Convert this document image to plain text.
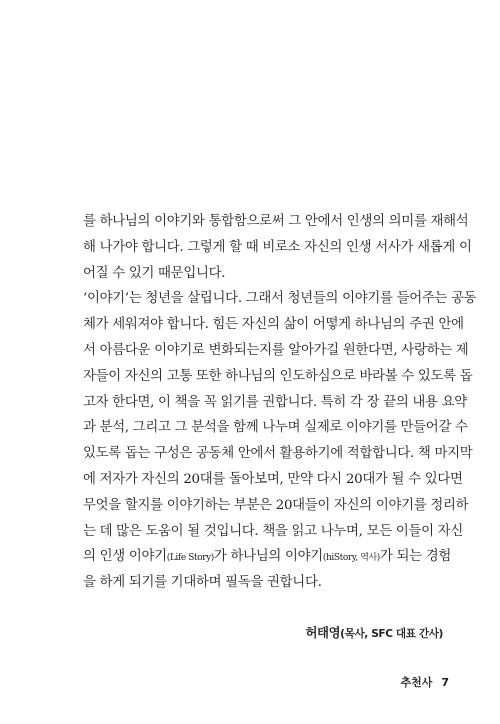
를 하나님의 이야기와 통합함으로써 그 안에서 인생의 의미를 재해석
해 나가야 합니다. 그렇게 할 때 비로소 자신의 인생 서사가 새롭게 이
어질 수 있기 때문입니다.
‘이야기’는 청년을 살립니다. 그래서 청년들의 이야기를 들어주는 공동
체가 세워져야 합니다. 힘든 자신의 삶이 어떻게 하나님의 주권 안에
서 아름다운 이야기로 변화되는지를 알아가길 원한다면, 사랑하는 제
자들이 자신의 고통 또한 하나님의 인도하심으로 바라볼 수 있도록 돕
고자 한다면, 이 책을 꼭 읽기를 권합니다. 특히 각 장 끝의 내용 요약
과 분석, 그리고 그 분석을 함께 나누며 실제로 이야기를 만들어갈 수
있도록 돕는 구성은 공동체 안에서 활용하기에 적합합니다. 책 마지막
에 저자가 자신의 20대를 돌아보며, 만약 다시 20대가 될 수 있다면
무엇을 할지를 이야기하는 부분은 20대들이 자신의 이야기를 정리하
는 데 많은 도움이 될 것입니다. 책을 읽고 나누며, 모든 이들이 자신
의 인생 이야기(Life Story)가 하나님의 이야기(hiStory, 역사)가 되는 경험
을 하게 되기를 기대하며 필독을 권합니다.
허태영(목사, SFC 대표 간사)
추천사 7
